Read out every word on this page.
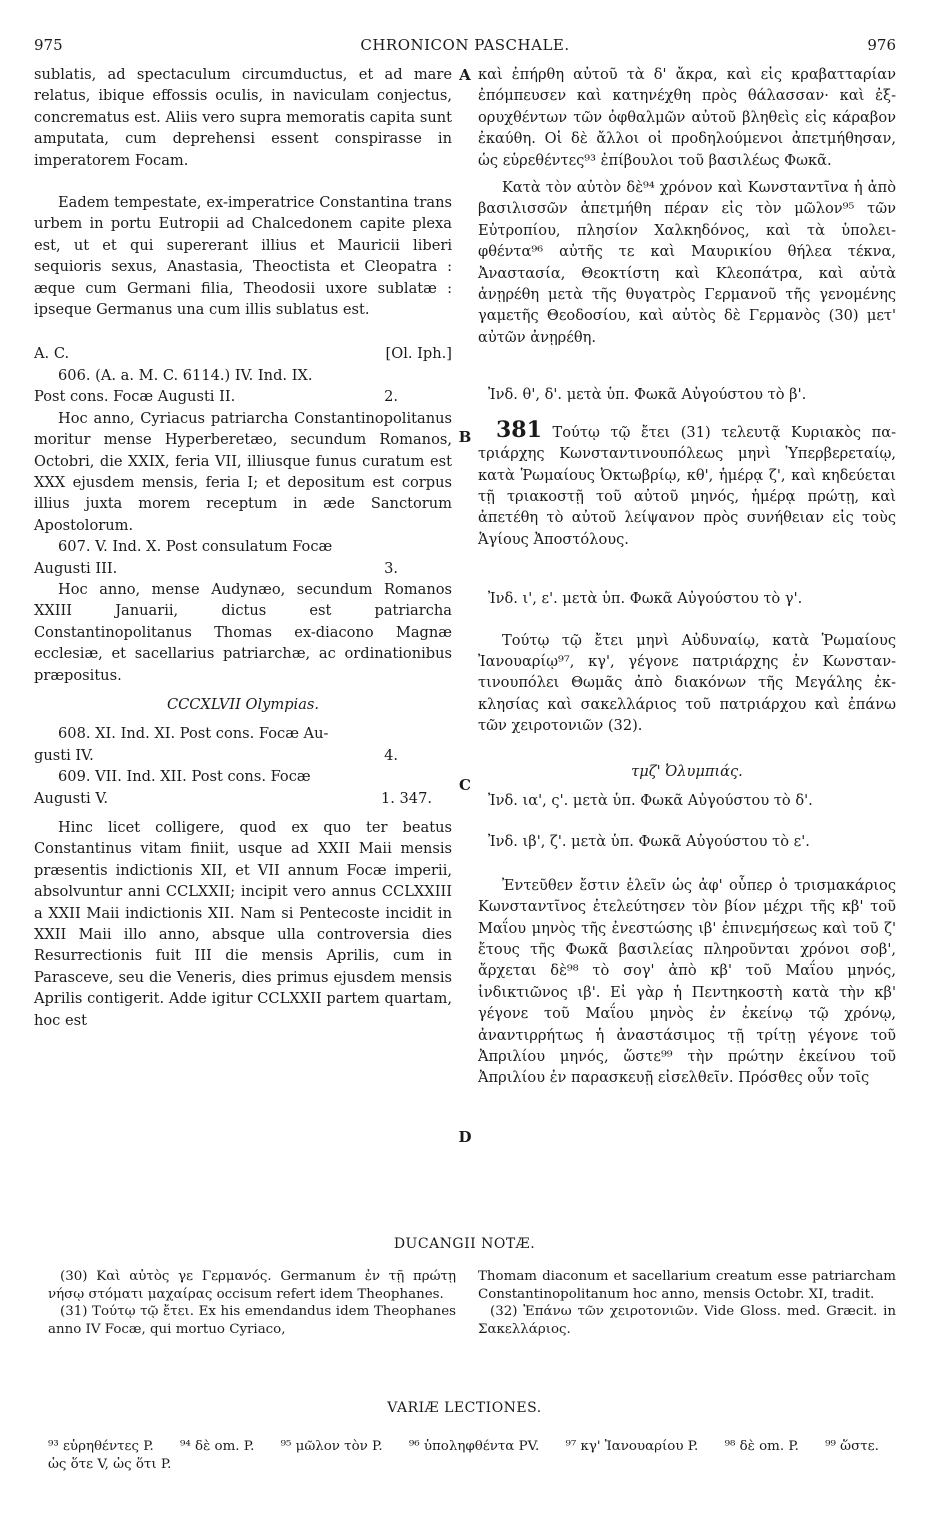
975	CHRONICON PASCHALE.	976

sublatis, ad spectaculum circumductus, et ad mare relatus, ibique effossis oculis, in naviculam conjectus, concrematus est. Aliis vero supra memoratis capita sunt amputata, cum deprehensi essent conspirasse in imperatorem Focam.

Eadem tempestate, ex-imperatrice Constantina trans urbem in portu Eutropii ad Chalcedonem capite plexa est, ut et qui supererant illius et Mauricii liberi sequioris sexus, Anastasia, Theoctista et Cleopatra : æque cum Germani filia, Theodosii uxore sublatæ : ipseque Germanus una cum illis sublatus est.

A. C.	[Ol. Iph.]
606. (A. a. M. C. 6114.) IV. Ind. IX.
Post cons. Focæ Augusti II.	2.

Hoc anno, Cyriacus patriarcha Constantinopolitanus moritur mense Hyperberetæo, secundum Romanos, Octobri, die XXIX, feria VII, illiusque funus curatum est XXX ejusdem mensis, feria I; et depositum est corpus illius juxta morem receptum in æde Sanctorum Apostolorum.

607. V. Ind. X. Post consulatum Focæ
Augusti III.	3.

Hoc anno, mense Audynæo, secundum Romanos XXIII Januarii, dictus est patriarcha Constantinopolitanus Thomas ex-diacono Magnæ ecclesiæ, et sacellarius patriarchæ, ac ordinationibus præpositus.

CCCXLVII Olympias.
608. XI. Ind. XI. Post cons. Focæ Au-
gusti IV.	4.
609. VII. Ind. XII. Post cons. Focæ
Augusti V.	1. 347.

Hinc licet colligere, quod ex quo ter beatus Constantinus vitam finiit, usque ad XXII Maii mensis præsentis indictionis XII, et VII annum Focæ imperii, absolvuntur anni CCLXXII; incipit vero annus CCLXXIII a XXII Maii indictionis XII. Nam si Pentecoste incidit in XXII Maii illo anno, absque ulla controversia dies Resurrectionis fuit III die mensis Aprilis, cum in Parasceve, seu die Veneris, dies primus ejusdem mensis Aprilis contigerit. Adde igitur CCLXXII partem quartam, hoc est

A
B
C
D

καὶ ἐπήρθη αὐτοῦ τὰ δ' ἄκρα, καὶ εἰς κραβατταρίαν ἐπόμπευσεν καὶ κατηνέχθη πρὸς θάλασσαν· καὶ ἐξορυχθέντων τῶν ὀφθαλμῶν αὐτοῦ βληθεὶς εἰς κάραβον ἐκαύθη. Οἱ δὲ ἄλλοι οἱ προδηλούμενοι ἀπετμήθησαν, ὡς εὑρεθέντες⁹³ ἐπίβουλοι τοῦ βασιλέως Φωκᾶ.

Κατὰ τὸν αὐτὸν δὲ⁹⁴ χρόνον καὶ Κωνσταντῖνα ἡ ἀπὸ βασιλισσῶν ἀπετμήθη πέραν εἰς τὸν μῶλον⁹⁵ τῶν Εὐτροπίου, πλησίον Χαλκηδόνος, καὶ τὰ ὑπολειφθέντα⁹⁶ αὐτῆς τε καὶ Μαυρικίου θήλεα τέκνα, Ἀναστασία, Θεοκτίστη καὶ Κλεοπάτρα, καὶ αὐτὰ ἀνῃρέθη μετὰ τῆς θυγατρὸς Γερμανοῦ τῆς γενομένης γαμετῆς Θεοδοσίου, καὶ αὐτὸς δὲ Γερμανὸς (30) μετ' αὐτῶν ἀνῃρέθη.

Ἰνδ. θ', δ'. μετὰ ὑπ. Φωκᾶ Αὐγούστου τὸ β'.

381 Τούτῳ τῷ ἔτει (31) τελευτᾷ Κυριακὸς πατριάρχης Κωνσταντινουπόλεως μηνὶ Ὑπερβερεταίῳ, κατὰ Ῥωμαίους Ὀκτωβρίῳ, κθ', ἡμέρᾳ ζ', καὶ κηδεύεται τῇ τριακοστῇ τοῦ αὐτοῦ μηνός, ἡμέρᾳ πρώτῃ, καὶ ἀπετέθη τὸ αὐτοῦ λείψανον πρὸς συνήθειαν εἰς τοὺς Ἁγίους Ἀποστόλους.

Ἰνδ. ι', ε'. μετὰ ὑπ. Φωκᾶ Αὐγούστου τὸ γ'.

Τούτῳ τῷ ἔτει μηνὶ Αὐδυναίῳ, κατὰ Ῥωμαίους Ἰανουαρίῳ⁹⁷, κγ', γέγονε πατριάρχης ἐν Κωνσταντινουπόλει Θωμᾶς ἀπὸ διακόνων τῆς Μεγάλης ἐκκλησίας καὶ σακελλάριος τοῦ πατριάρχου καὶ ἐπάνω τῶν χειροτονιῶν (32).

τμζ' Ὀλυμπιάς.
Ἰνδ. ια', ς'. μετὰ ὑπ. Φωκᾶ Αὐγούστου τὸ δ'.
Ἰνδ. ιβ', ζ'. μετὰ ὑπ. Φωκᾶ Αὐγούστου τὸ ε'.

Ἐντεῦθεν ἔστιν ἑλεῖν ὡς ἀφ' οὗπερ ὁ τρισμακάριος Κωνσταντῖνος ἐτελεύτησεν τὸν βίον μέχρι τῆς κβ' τοῦ Μαΐου μηνὸς τῆς ἐνεστώσης ιβ' ἐπινεμήσεως καὶ τοῦ ζ' ἔτους τῆς Φωκᾶ βασιλείας πληροῦνται χρόνοι σοβ', ἄρχεται δὲ⁹⁸ τὸ σογ' ἀπὸ κβ' τοῦ Μαΐου μηνός, ἰνδικτιῶνος ιβ'. Εἰ γὰρ ἡ Πεντηκοστὴ κατὰ τὴν κβ' γέγονε τοῦ Μαΐου μηνὸς ἐν ἐκείνῳ τῷ χρόνῳ, ἀναντιρρήτως ἡ ἀναστάσιμος τῇ τρίτῃ γέγονε τοῦ Ἀπριλίου μηνός, ὥστε⁹⁹ τὴν πρώτην ἐκείνου τοῦ Ἀπριλίου ἐν παρασκευῇ εἰσελθεῖν. Πρόσθες οὖν τοῖς

DUCANGII NOTÆ.

(30) Καὶ αὐτὸς γε Γερμανός. Germanum ἐν τῇ πρώτῃ νήσῳ στόματι μαχαίρας occisum refert idem Theophanes.

(31) Τούτῳ τῷ ἔτει. Ex his emendandus idem Theophanes anno IV Focæ, qui mortuo Cyriaco,

Thomam diaconum et sacellarium creatum esse patriarcham Constantinopolitanum hoc anno, mensis Octobr. XI, tradit.

(32) Ἐπάνω τῶν χειροτονιῶν. Vide Gloss. med. Græcit. in Σακελλάριος.

VARIÆ LECTIONES.
⁹³ εὑρηθέντες P. ⁹⁴ δὲ om. P. ⁹⁵ μῶλον τὸν P. ⁹⁶ ὑποληφθέντα PV. ⁹⁷ κγ' Ἰανουαρίου P. ⁹⁸ δὲ om. P. ⁹⁹ ὥστε. ὡς ὅτε V, ὡς ὅτι P.
